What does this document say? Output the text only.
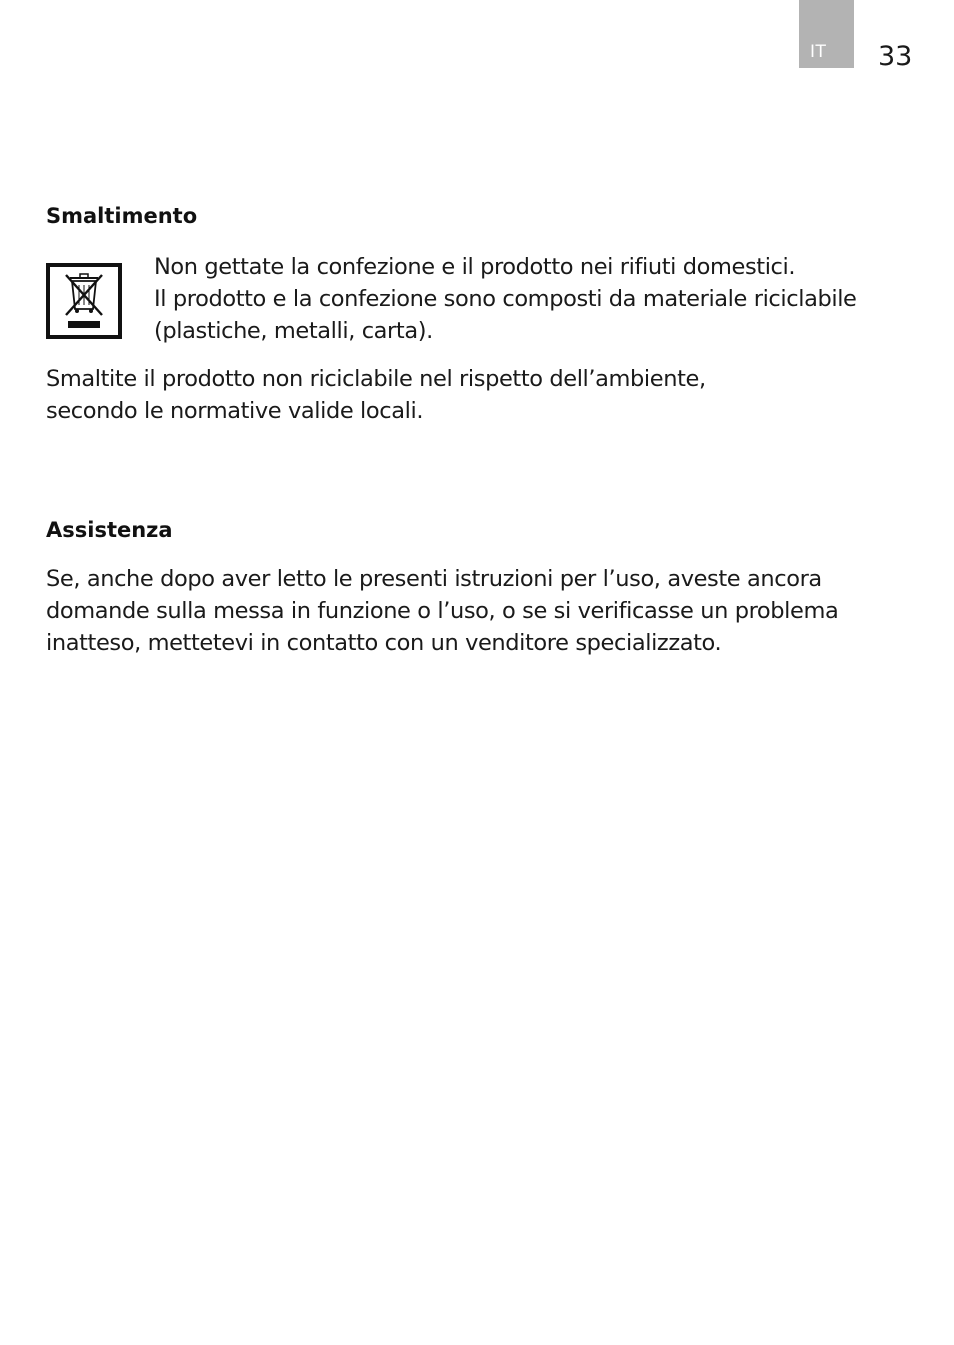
IT 33
Smaltimento
Non gettate la confezione e il prodotto nei rifiuti domestici.
Il prodotto e la confezione sono composti da materiale riciclabile
(plastiche, metalli, carta).
Smaltite il prodotto non riciclabile nel rispetto dell’ambiente,
secondo le normative valide locali.
Assistenza
Se, anche dopo aver letto le presenti istruzioni per l’uso, aveste ancora
domande sulla messa in funzione o l’uso, o se si verificasse un problema
inatteso, mettetevi in contatto con un venditore specializzato.
